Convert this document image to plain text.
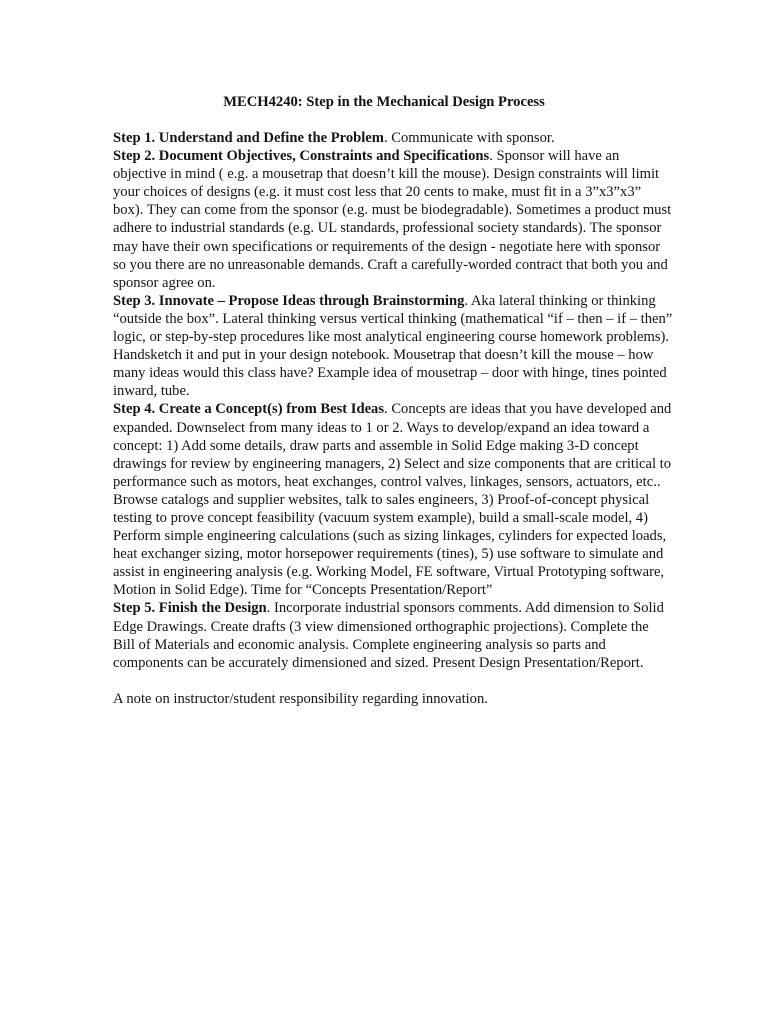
MECH4240: Step in the Mechanical Design Process

Step 1. Understand and Define the Problem. Communicate with sponsor.

Step 2. Document Objectives, Constraints and Specifications. Sponsor will have an objective in mind ( e.g. a mousetrap that doesn’t kill the mouse). Design constraints will limit your choices of designs (e.g. it must cost less that 20 cents to make, must fit in a 3”x3”x3” box). They can come from the sponsor (e.g. must be biodegradable). Sometimes a product must adhere to industrial standards (e.g. UL standards, professional society standards). The sponsor may have their own specifications or requirements of the design - negotiate here with sponsor so you there are no unreasonable demands. Craft a carefully-worded contract that both you and sponsor agree on.

Step 3. Innovate – Propose Ideas through Brainstorming. Aka lateral thinking or thinking “outside the box”. Lateral thinking versus vertical thinking (mathematical “if – then – if – then” logic, or step-by-step procedures like most analytical engineering course homework problems). Handsketch it and put in your design notebook. Mousetrap that doesn’t kill the mouse – how many ideas would this class have? Example idea of mousetrap – door with hinge, tines pointed inward, tube.

Step 4. Create a Concept(s) from Best Ideas. Concepts are ideas that you have developed and expanded. Downselect from many ideas to 1 or 2. Ways to develop/expand an idea toward a concept: 1) Add some details, draw parts and assemble in Solid Edge making 3-D concept drawings for review by engineering managers, 2) Select and size components that are critical to performance such as motors, heat exchanges, control valves, linkages, sensors, actuators, etc.. Browse catalogs and supplier websites, talk to sales engineers, 3) Proof-of-concept physical testing to prove concept feasibility (vacuum system example), build a small-scale model, 4) Perform simple engineering calculations (such as sizing linkages, cylinders for expected loads, heat exchanger sizing, motor horsepower requirements (tines), 5) use software to simulate and assist in engineering analysis (e.g. Working Model, FE software, Virtual Prototyping software, Motion in Solid Edge). Time for “Concepts Presentation/Report”

Step 5. Finish the Design. Incorporate industrial sponsors comments. Add dimension to Solid Edge Drawings. Create drafts (3 view dimensioned orthographic projections). Complete the Bill of Materials and economic analysis. Complete engineering analysis so parts and components can be accurately dimensioned and sized. Present Design Presentation/Report.

A note on instructor/student responsibility regarding innovation.
